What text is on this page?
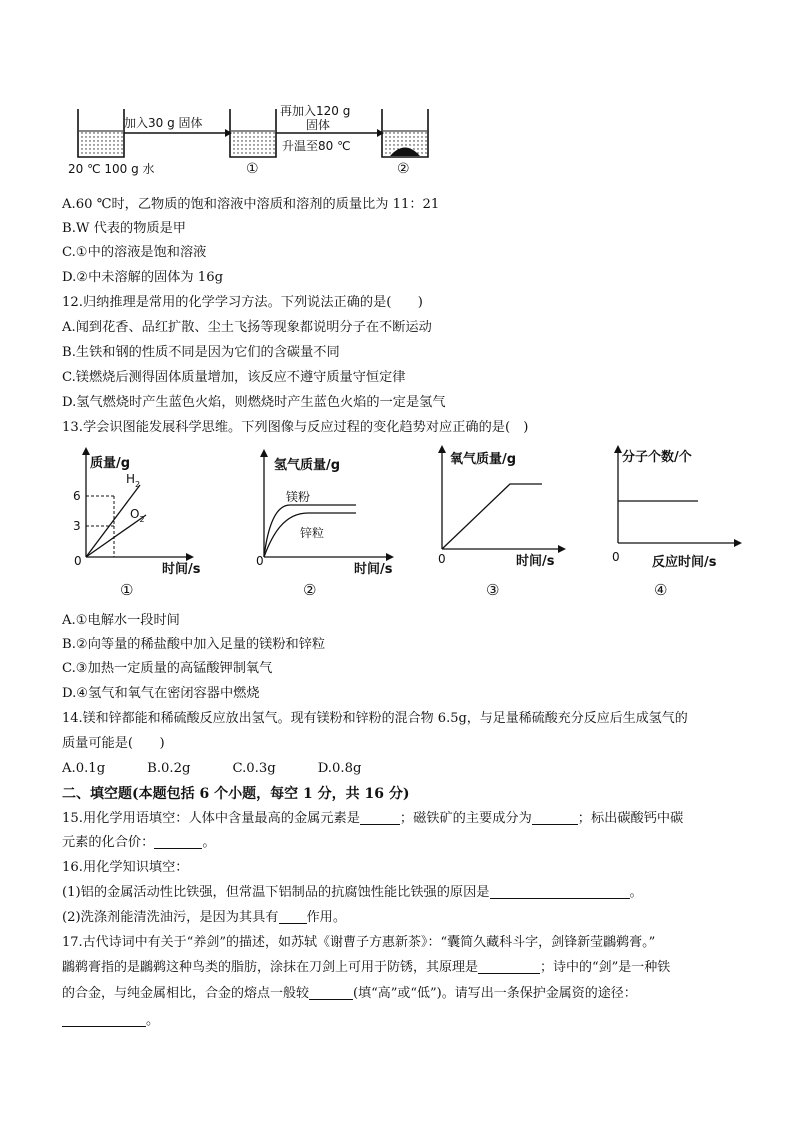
加入30 g 固体
再加入120 g
固体
升温至80 ℃
20 ℃ 100 g 水	①	②
A.60 ℃时，乙物质的饱和溶液中溶质和溶剂的质量比为 11：21
B.W 代表的物质是甲
C.①中的溶液是饱和溶液
D.②中未溶解的固体为 16g
12.归纳推理是常用的化学学习方法。下列说法正确的是(　　)
A.闻到花香、品红扩散、尘土飞扬等现象都说明分子在不断运动
B.生铁和钢的性质不同是因为它们的含碳量不同
C.镁燃烧后测得固体质量增加，该反应不遵守质量守恒定律
D.氢气燃烧时产生蓝色火焰，则燃烧时产生蓝色火焰的一定是氢气
13.学会识图能发展科学思维。下列图像与反应过程的变化趋势对应正确的是(　)
质量/g
6
3
0
$H_2$
$O_2$
时间/s
①
氢气质量/g
镁粉
锌粒
0
时间/s
②
氧气质量/g
0	时间/s
③
分子个数/个
0 反应时间/s
④
A.①电解水一段时间
B.②向等量的稀盐酸中加入足量的镁粉和锌粒
C.③加热一定质量的高锰酸钾制氧气
D.④氢气和氧气在密闭容器中燃烧
14.镁和锌都能和稀硫酸反应放出氢气。现有镁粉和锌粉的混合物 6.5g，与足量稀硫酸充分反应后生成氢气的
质量可能是(　　)
A.0.1g	B.0.2g	C.0.3g	D.0.8g
二、填空题(本题包括 6 个小题，每空 1 分，共 16 分)
15.用化学用语填空：人体中含量最高的金属元素是	；磁铁矿的主要成分为	；标出碳酸钙中碳
元素的化合价：	。
16.用化学知识填空：
(1)铝的金属活动性比铁强，但常温下铝制品的抗腐蚀性能比铁强的原因是	。
(2)洗涤剂能清洗油污，是因为其具有 作用。
17.古代诗词中有关于“养剑”的描述，如苏轼《谢曹子方惠新茶》：“囊简久藏科斗字，剑锋新莹鸊鹈膏。”
鸊鹈膏指的是鸊鹈这种鸟类的脂肪，涂抹在刀剑上可用于防锈，其原理是	；诗中的“剑”是一种铁
的合金，与纯金属相比，合金的熔点一般较	(填“高”或“低”)。请写出一条保护金属资的途径：
。
